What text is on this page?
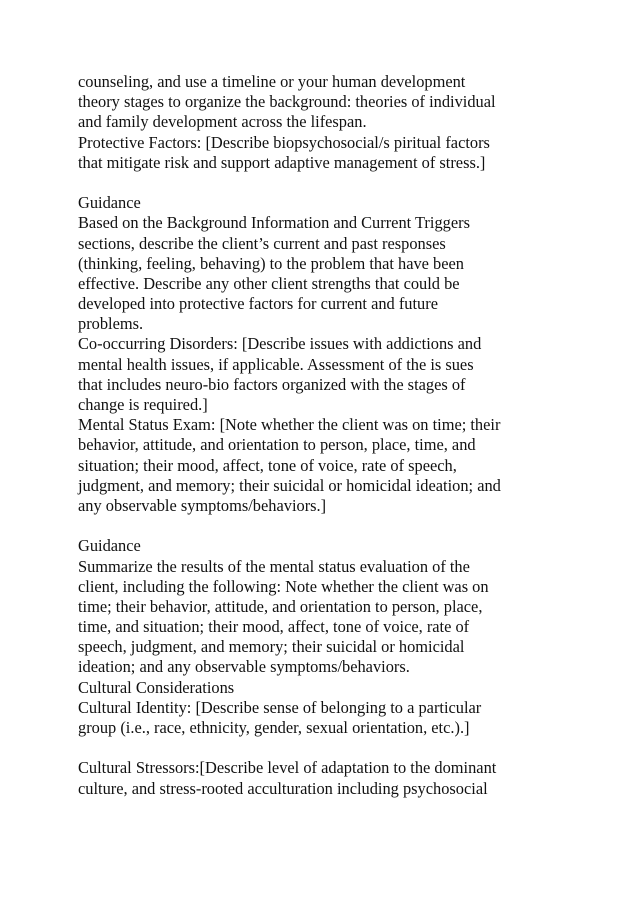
counseling, and use a timeline or your human development
theory stages to organize the background: theories of individual
and family development across the lifespan.
Protective Factors: [Describe biopsychosocial/s piritual factors
that mitigate risk and support adaptive management of stress.]
Guidance
Based on the Background Information and Current Triggers
sections, describe the client’s current and past responses
(thinking, feeling, behaving) to the problem that have been
effective. Describe any other client strengths that could be
developed into protective factors for current and future
problems.
Co-occurring Disorders: [Describe issues with addictions and
mental health issues, if applicable. Assessment of the is sues
that includes neuro-bio factors organized with the stages of
change is required.]
Mental Status Exam: [Note whether the client was on time; their
behavior, attitude, and orientation to person, place, time, and
situation; their mood, affect, tone of voice, rate of speech,
judgment, and memory; their suicidal or homicidal ideation; and
any observable symptoms/behaviors.]
Guidance
Summarize the results of the mental status evaluation of the
client, including the following: Note whether the client was on
time; their behavior, attitude, and orientation to person, place,
time, and situation; their mood, affect, tone of voice, rate of
speech, judgment, and memory; their suicidal or homicidal
ideation; and any observable symptoms/behaviors.
Cultural Considerations
Cultural Identity: [Describe sense of belonging to a particular
group (i.e., race, ethnicity, gender, sexual orientation, etc.).]
Cultural Stressors:[Describe level of adaptation to the dominant
culture, and stress-rooted acculturation including psychosocial
